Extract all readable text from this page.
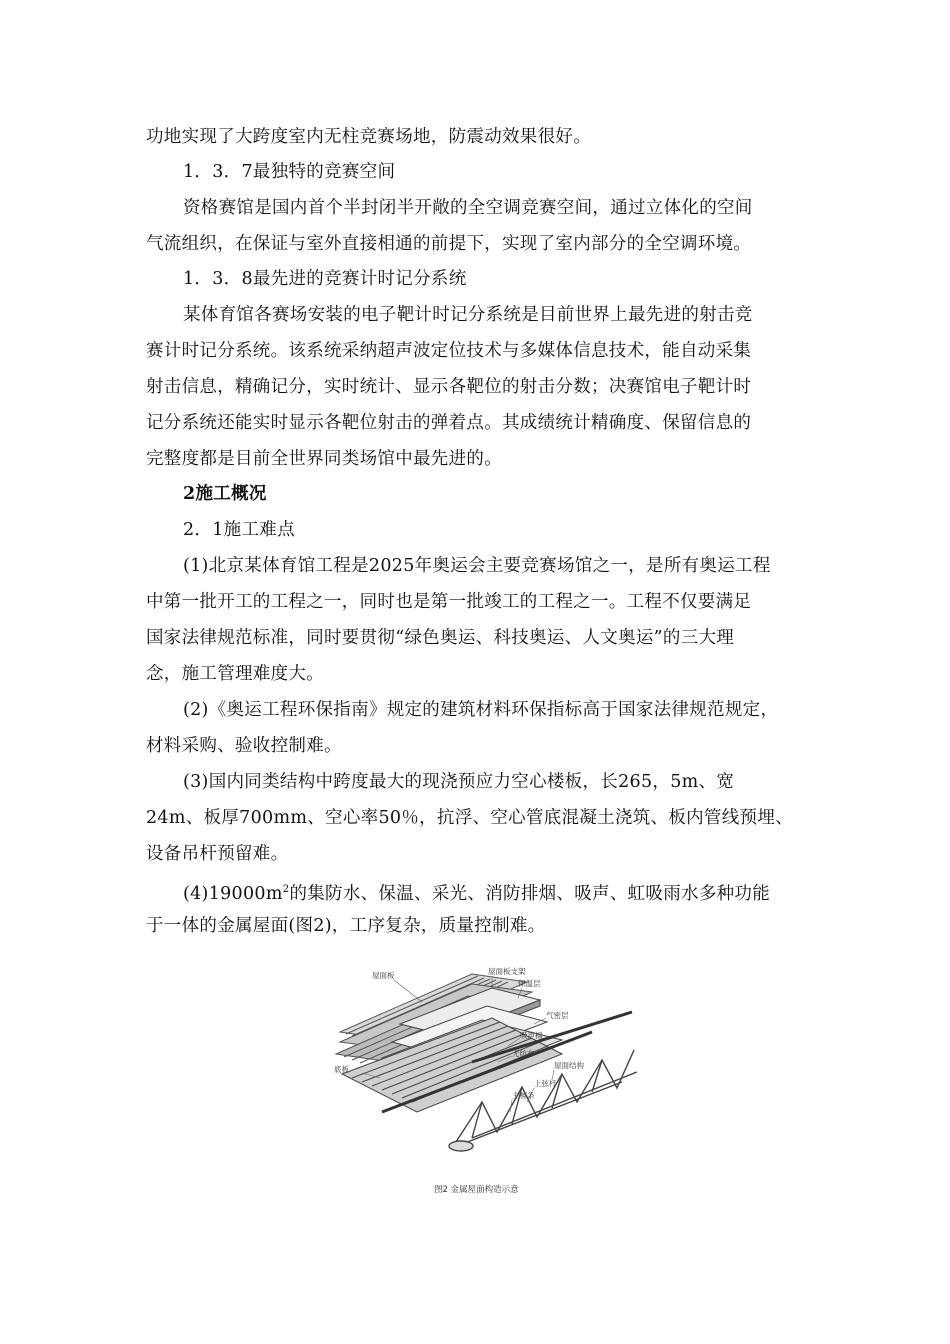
功地实现了大跨度室内无柱竞赛场地，防震动效果很好。
1．3．7最独特的竞赛空间
资格赛馆是国内首个半封闭半开敞的全空调竞赛空间，通过立体化的空间
气流组织，在保证与室外直接相通的前提下，实现了室内部分的全空调环境。
1．3．8最先进的竞赛计时记分系统
某体育馆各赛场安装的电子靶计时记分系统是目前世界上最先进的射击竞
赛计时记分系统。该系统采纳超声波定位技术与多媒体信息技术，能自动采集
射击信息，精确记分，实时统计、显示各靶位的射击分数；决赛馆电子靶计时
记分系统还能实时显示各靶位射击的弹着点。其成绩统计精确度、保留信息的
完整度都是目前全世界同类场馆中最先进的。
2施工概况
2．1施工难点
(1)北京某体育馆工程是2025年奥运会主要竞赛场馆之一，是所有奥运工程
中第一批开工的工程之一，同时也是第一批竣工的工程之一。工程不仅要满足
国家法律规范标准，同时要贯彻“绿色奥运、科技奥运、人文奥运”的三大理
念，施工管理难度大。
(2)《奥运工程环保指南》规定的建筑材料环保指标高于国家法律规范规定，
材料采购、验收控制难。
(3)国内同类结构中跨度最大的现浇预应力空心楼板，长265，5m、宽
24m、板厚700mm、空心率50％，抗浮、空心管底混凝土浇筑、板内管线预埋、
设备吊杆预留难。
$(4)19000m^2$的集防水、保温、采光、消防排烟、吸声、虹吸雨水多种功能
于一体的金属屋面(图2)，工序复杂，质量控制难。
屋面板	屋面板支架
保温层
气密层
吸声棉
无纺布
底板	屋面结构
上弦杆
主檩条
图2 金属屋面构造示意
